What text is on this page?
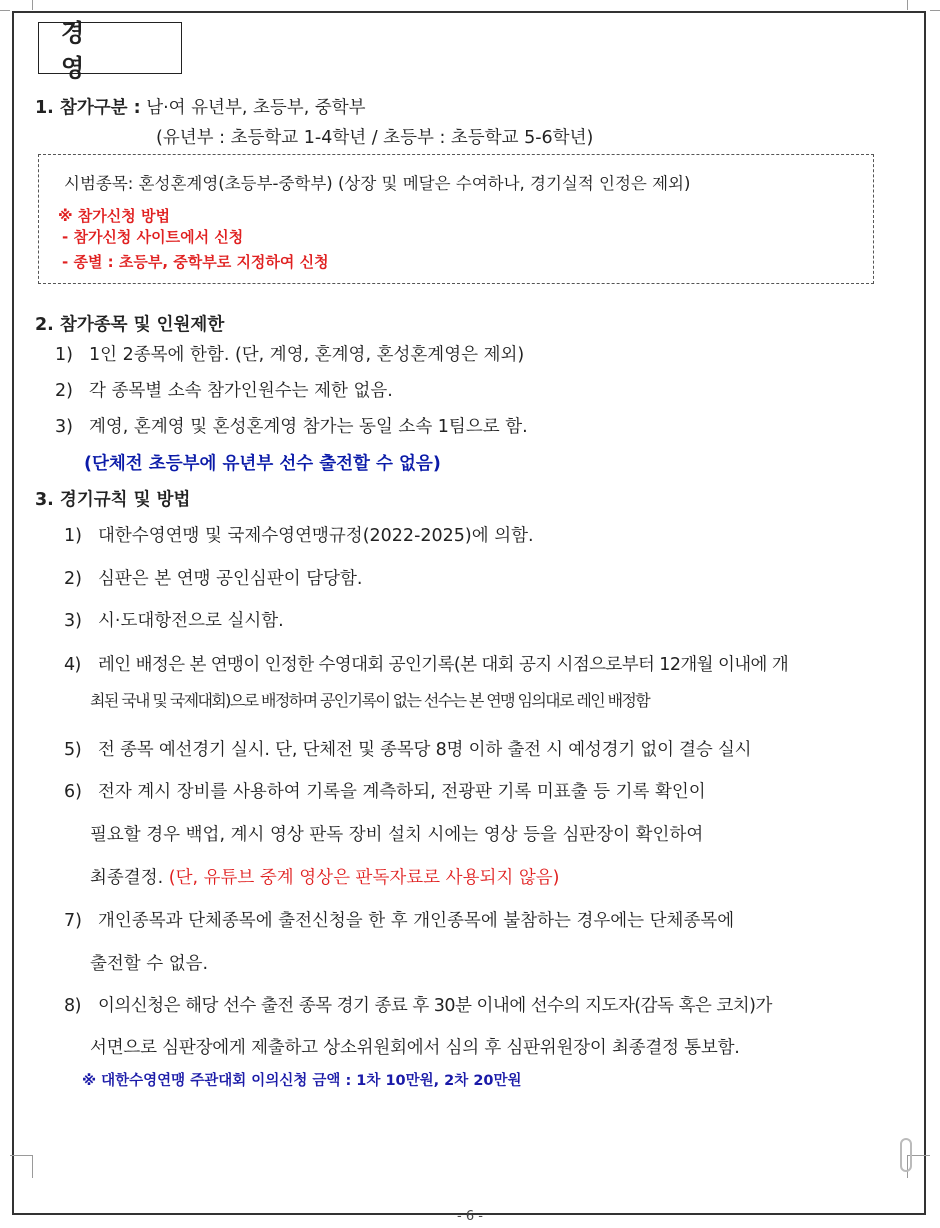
경 영
1. 참가구분 : 남·여 유년부, 초등부, 중학부
(유년부 : 초등학교 1-4학년 / 초등부 : 초등학교 5-6학년)
시범종목: 혼성혼계영(초등부-중학부) (상장 및 메달은 수여하나, 경기실적 인정은 제외)
※ 참가신청 방법
- 참가신청 사이트에서 신청
- 종별 : 초등부, 중학부로 지정하여 신청
2. 참가종목 및 인원제한
1) 1인 2종목에 한함. (단, 계영, 혼계영, 혼성혼계영은 제외)
2) 각 종목별 소속 참가인원수는 제한 없음.
3) 계영, 혼계영 및 혼성혼계영 참가는 동일 소속 1팀으로 함.
(단체전 초등부에 유년부 선수 출전할 수 없음)
3. 경기규칙 및 방법
1) 대한수영연맹 및 국제수영연맹규정(2022-2025)에 의함.
2) 심판은 본 연맹 공인심판이 담당함.
3) 시·도대항전으로 실시함.
4) 레인 배정은 본 연맹이 인정한 수영대회 공인기록(본 대회 공지 시점으로부터 12개월 이내에 개
최된 국내 및 국제대회)으로 배정하며 공인기록이 없는 선수는 본 연맹 임의대로 레인 배정함
5) 전 종목 예선경기 실시. 단, 단체전 및 종목당 8명 이하 출전 시 예성경기 없이 결승 실시
6) 전자 계시 장비를 사용하여 기록을 계측하되, 전광판 기록 미표출 등 기록 확인이
필요할 경우 백업, 계시 영상 판독 장비 설치 시에는 영상 등을 심판장이 확인하여
최종결정. (단, 유튜브 중계 영상은 판독자료로 사용되지 않음)
7) 개인종목과 단체종목에 출전신청을 한 후 개인종목에 불참하는 경우에는 단체종목에
출전할 수 없음.
8) 이의신청은 해당 선수 출전 종목 경기 종료 후 30분 이내에 선수의 지도자(감독 혹은 코치)가
서면으로 심판장에게 제출하고 상소위원회에서 심의 후 심판위원장이 최종결정 통보함.
※ 대한수영연맹 주관대회 이의신청 금액 : 1차 10만원, 2차 20만원
- 6 -
